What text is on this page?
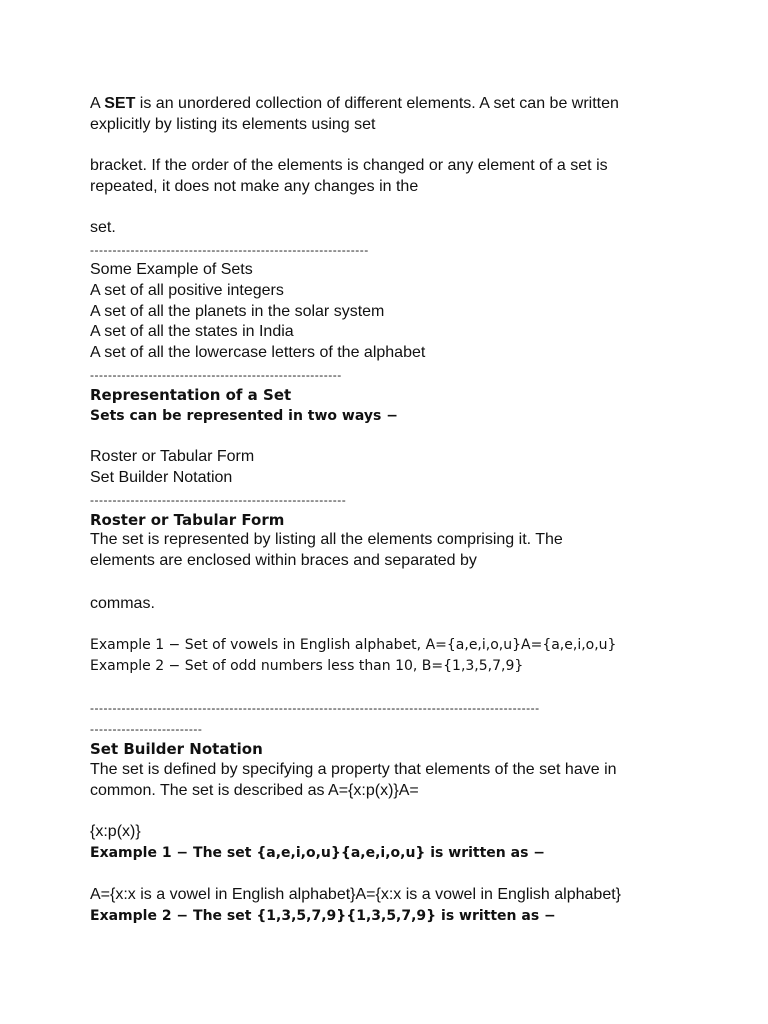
A SET is an unordered collection of different elements. A set can be written
explicitly by listing its elements using set
bracket. If the order of the elements is changed or any element of a set is
repeated, it does not make any changes in the
set.
--------------------------------------------------------------
Some Example of Sets
A set of all positive integers
A set of all the planets in the solar system
A set of all the states in India
A set of all the lowercase letters of the alphabet
--------------------------------------------------------
Representation of a Set
Sets can be represented in two ways −
Roster or Tabular Form
Set Builder Notation
---------------------------------------------------------
Roster or Tabular Form
The set is represented by listing all the elements comprising it. The
elements are enclosed within braces and separated by
commas.
Example 1 − Set of vowels in English alphabet, A={a,e,i,o,u}A={a,e,i,o,u}
Example 2 − Set of odd numbers less than 10, B={1,3,5,7,9}
----------------------------------------------------------------------------------------------------
-------------------------
Set Builder Notation
The set is defined by specifying a property that elements of the set have in
common. The set is described as A={x:p(x)}A=
{x:p(x)}
Example 1 − The set {a,e,i,o,u}{a,e,i,o,u} is written as −
A={x:x is a vowel in English alphabet}A={x:x is a vowel in English alphabet}
Example 2 − The set {1,3,5,7,9}{1,3,5,7,9} is written as −
